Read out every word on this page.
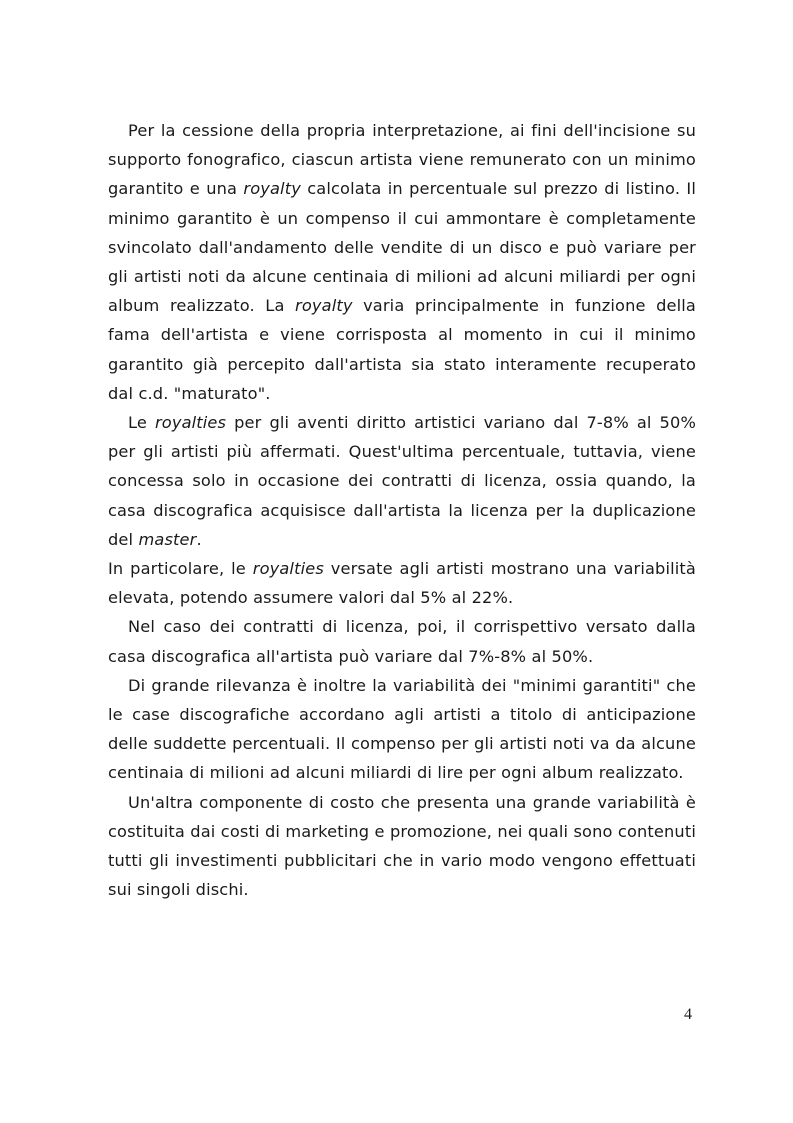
Per la cessione della propria interpretazione, ai fini dell'incisione su supporto fonografico, ciascun artista viene remunerato con un minimo garantito e una royalty calcolata in percentuale sul prezzo di listino. Il minimo garantito è un compenso il cui ammontare è completamente svincolato dall'andamento delle vendite di un disco e può variare per gli artisti noti da alcune centinaia di milioni ad alcuni miliardi per ogni album realizzato. La royalty varia principalmente in funzione della fama dell'artista e viene corrisposta al momento in cui il minimo garantito già percepito dall'artista sia stato interamente recuperato dal c.d. "maturato".

Le royalties per gli aventi diritto artistici variano dal 7-8% al 50% per gli artisti più affermati. Quest'ultima percentuale, tuttavia, viene concessa solo in occasione dei contratti di licenza, ossia quando, la casa discografica acquisisce dall'artista la licenza per la duplicazione del master.

In particolare, le royalties versate agli artisti mostrano una variabilità elevata, potendo assumere valori dal 5% al 22%.

Nel caso dei contratti di licenza, poi, il corrispettivo versato dalla casa discografica all'artista può variare dal 7%-8% al 50%.

Di grande rilevanza è inoltre la variabilità dei "minimi garantiti" che le case discografiche accordano agli artisti a titolo di anticipazione delle suddette percentuali. Il compenso per gli artisti noti va da alcune centinaia di milioni ad alcuni miliardi di lire per ogni album realizzato.

Un'altra componente di costo che presenta una grande variabilità è costituita dai costi di marketing e promozione, nei quali sono contenuti tutti gli investimenti pubblicitari che in vario modo vengono effettuati sui singoli dischi.

4
